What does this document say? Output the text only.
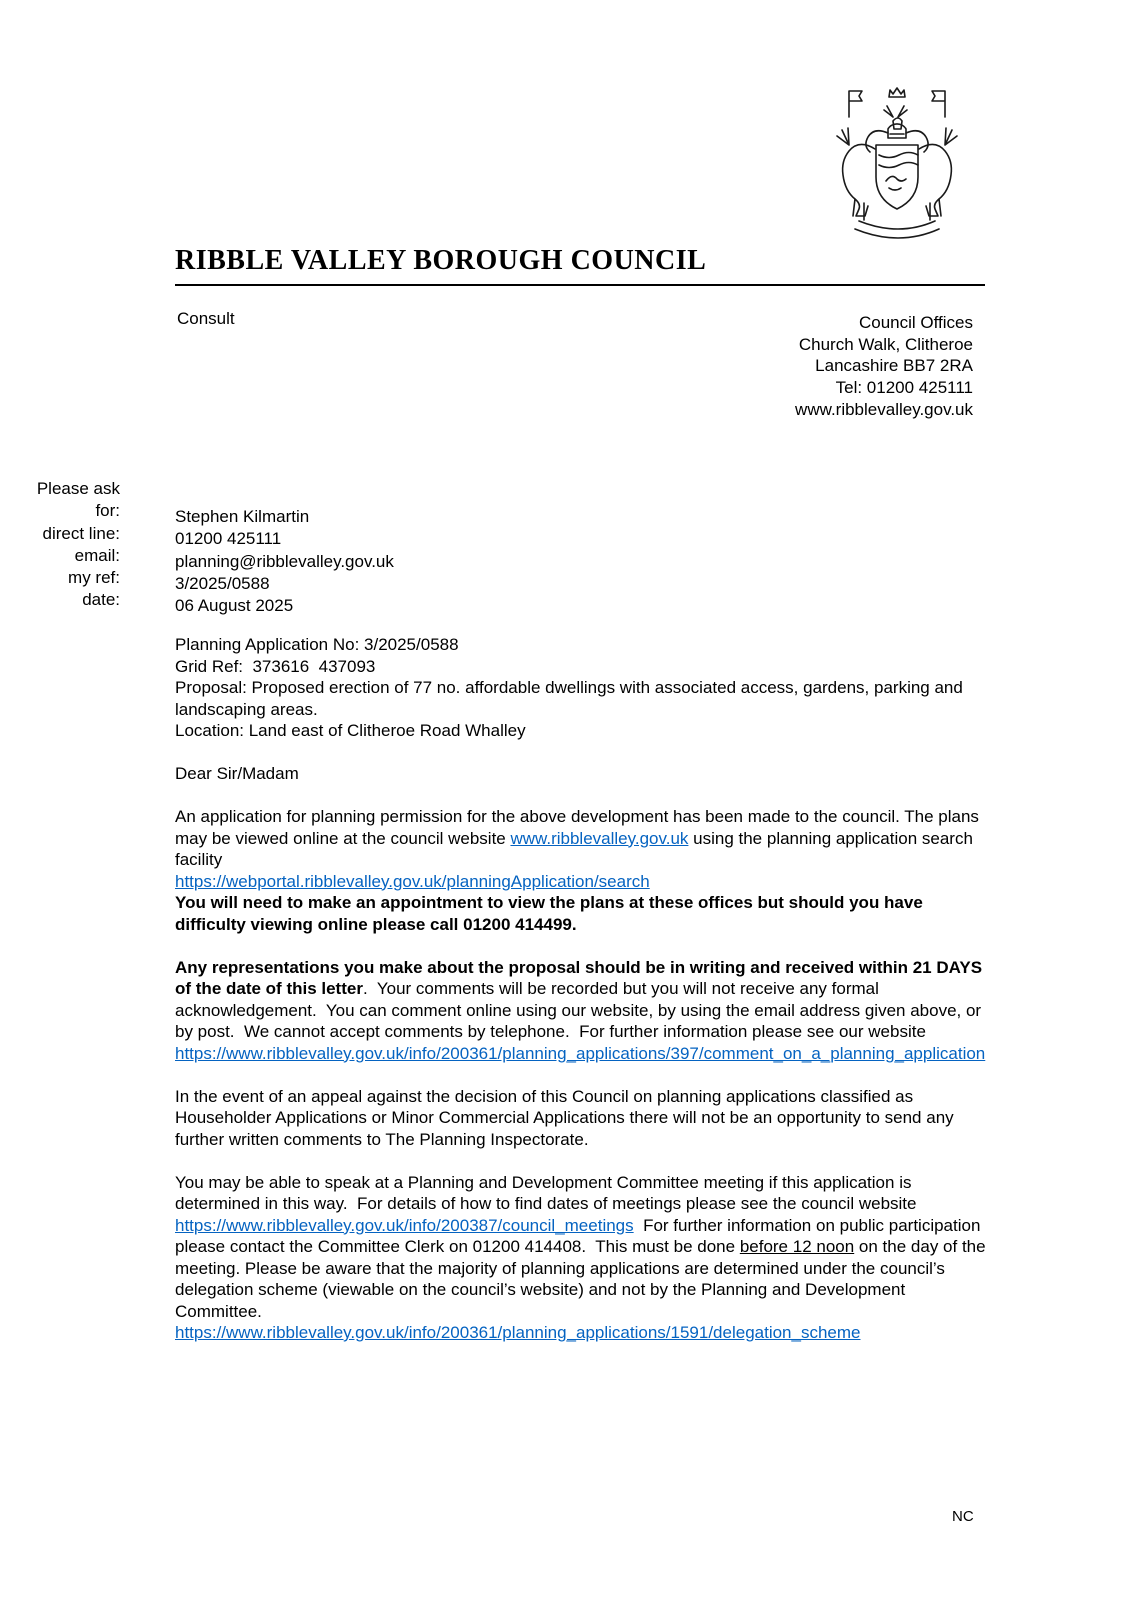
RIBBLE VALLEY BOROUGH COUNCIL
Consult	Council Offices
Church Walk, Clitheroe
Lancashire BB7 2RA
Tel: 01200 425111
www.ribblevalley.gov.uk
Please ask
for:
direct line:
email:
my ref:
date:
Stephen Kilmartin
01200 425111
planning@ribblevalley.gov.uk
3/2025/0588
06 August 2025
Planning Application No: 3/2025/0588
Grid Ref:  373616  437093
Proposal: Proposed erection of 77 no. affordable dwellings with associated access, gardens, parking and landscaping areas.
Location: Land east of Clitheroe Road Whalley
Dear Sir/Madam

An application for planning permission for the above development has been made to the council. The plans may be viewed online at the council website www.ribblevalley.gov.uk using the planning application search facility
https://webportal.ribblevalley.gov.uk/planningApplication/search
You will need to make an appointment to view the plans at these offices but should you have difficulty viewing online please call 01200 414499.

Any representations you make about the proposal should be in writing and received within 21 DAYS of the date of this letter.  Your comments will be recorded but you will not receive any formal acknowledgement.  You can comment online using our website, by using the email address given above, or by post.  We cannot accept comments by telephone.  For further information please see our website
https://www.ribblevalley.gov.uk/info/200361/planning_applications/397/comment_on_a_planning_application

In the event of an appeal against the decision of this Council on planning applications classified as Householder Applications or Minor Commercial Applications there will not be an opportunity to send any further written comments to The Planning Inspectorate.

You may be able to speak at a Planning and Development Committee meeting if this application is determined in this way.  For details of how to find dates of meetings please see the council website https://www.ribblevalley.gov.uk/info/200387/council_meetings  For further information on public participation please contact the Committee Clerk on 01200 414408.  This must be done before 12 noon on the day of the meeting. Please be aware that the majority of planning applications are determined under the council’s delegation scheme (viewable on the council’s website) and not by the Planning and Development Committee.
https://www.ribblevalley.gov.uk/info/200361/planning_applications/1591/delegation_scheme

NC
